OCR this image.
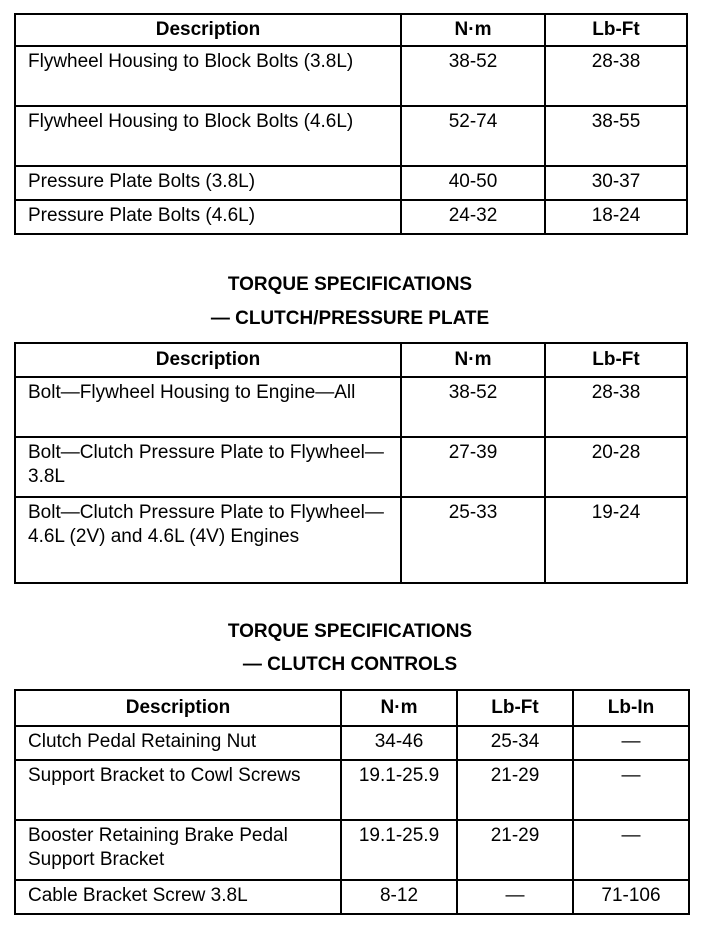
Description	N·m	Lb-Ft
Flywheel Housing to Block Bolts (3.8L)	38-52	28-38
Flywheel Housing to Block Bolts (4.6L)	52-74	38-55
Pressure Plate Bolts (3.8L)	40-50	30-37
Pressure Plate Bolts (4.6L)	24-32	18-24
TORQUE SPECIFICATIONS
— CLUTCH/PRESSURE PLATE
Description	N·m	Lb-Ft
Bolt—Flywheel Housing to Engine—All	38-52	28-38
Bolt—Clutch Pressure Plate to Flywheel—3.8L	27-39	20-28
Bolt—Clutch Pressure Plate to Flywheel—4.6L (2V) and 4.6L (4V) Engines	25-33	19-24
TORQUE SPECIFICATIONS
— CLUTCH CONTROLS
Description	N·m	Lb-Ft	Lb-In
Clutch Pedal Retaining Nut	34-46	25-34	—
Support Bracket to Cowl Screws	19.1-25.9	21-29	—
Booster Retaining Brake Pedal Support Bracket	19.1-25.9	21-29	—
Cable Bracket Screw 3.8L	8-12	—	71-106
